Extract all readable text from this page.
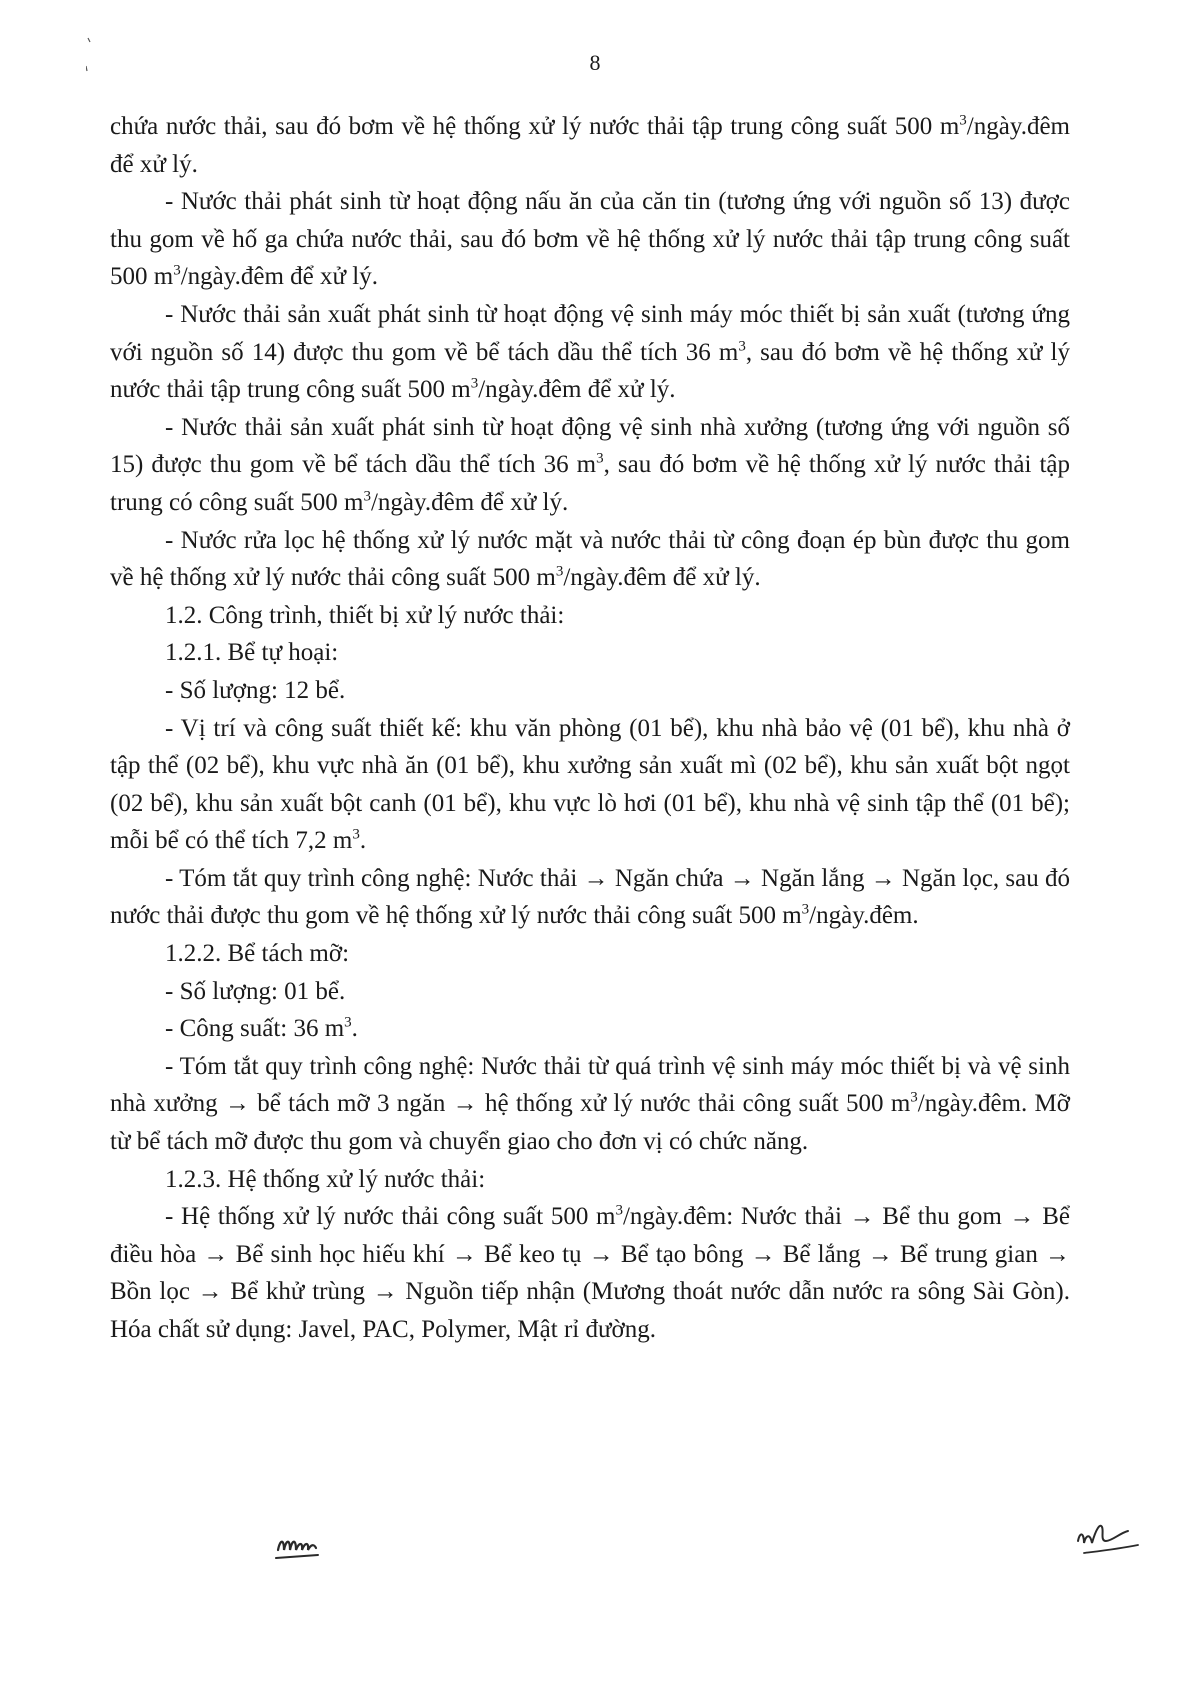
8

chứa nước thải, sau đó bơm về hệ thống xử lý nước thải tập trung công suất 500 $m^3/ngày.đêm$ để xử lý.

- Nước thải phát sinh từ hoạt động nấu ăn của căn tin (tương ứng với nguồn số 13) được thu gom về hố ga chứa nước thải, sau đó bơm về hệ thống xử lý nước thải tập trung công suất 500 $m^3/ngày.đêm$ để xử lý.

- Nước thải sản xuất phát sinh từ hoạt động vệ sinh máy móc thiết bị sản xuất (tương ứng với nguồn số 14) được thu gom về bể tách dầu thể tích 36 $m^3$, sau đó bơm về hệ thống xử lý nước thải tập trung công suất 500 $m^3/ngày.đêm$ để xử lý.

- Nước thải sản xuất phát sinh từ hoạt động vệ sinh nhà xưởng (tương ứng với nguồn số 15) được thu gom về bể tách dầu thể tích 36 $m^3$, sau đó bơm về hệ thống xử lý nước thải tập trung có công suất 500 $m^3/ngày.đêm$ để xử lý.

- Nước rửa lọc hệ thống xử lý nước mặt và nước thải từ công đoạn ép bùn được thu gom về hệ thống xử lý nước thải công suất 500 $m^3/ngày.đêm$ để xử lý.

1.2. Công trình, thiết bị xử lý nước thải:

1.2.1. Bể tự hoại:

- Số lượng: 12 bể.

- Vị trí và công suất thiết kế: khu văn phòng (01 bể), khu nhà bảo vệ (01 bể), khu nhà ở tập thể (02 bể), khu vực nhà ăn (01 bể), khu xưởng sản xuất mì (02 bể), khu sản xuất bột ngọt (02 bể), khu sản xuất bột canh (01 bể), khu vực lò hơi (01 bể), khu nhà vệ sinh tập thể (01 bể); mỗi bể có thể tích 7,2 $m^3$.

- Tóm tắt quy trình công nghệ: Nước thải → Ngăn chứa → Ngăn lắng → Ngăn lọc, sau đó nước thải được thu gom về hệ thống xử lý nước thải công suất 500 $m^3/ngày.đêm$.

1.2.2. Bể tách mỡ:

- Số lượng: 01 bể.

- Công suất: 36 $m^3$.

- Tóm tắt quy trình công nghệ: Nước thải từ quá trình vệ sinh máy móc thiết bị và vệ sinh nhà xưởng → bể tách mỡ 3 ngăn → hệ thống xử lý nước thải công suất 500 $m^3/ngày.đêm$. Mỡ từ bể tách mỡ được thu gom và chuyển giao cho đơn vị có chức năng.

1.2.3. Hệ thống xử lý nước thải:

- Hệ thống xử lý nước thải công suất 500 $m^3/ngày.đêm$: Nước thải → Bể thu gom → Bể điều hòa → Bể sinh học hiếu khí → Bể keo tụ → Bể tạo bông → Bể lắng → Bể trung gian → Bồn lọc → Bể khử trùng → Nguồn tiếp nhận (Mương thoát nước dẫn nước ra sông Sài Gòn). Hóa chất sử dụng: Javel, PAC, Polymer, Mật rỉ đường.
